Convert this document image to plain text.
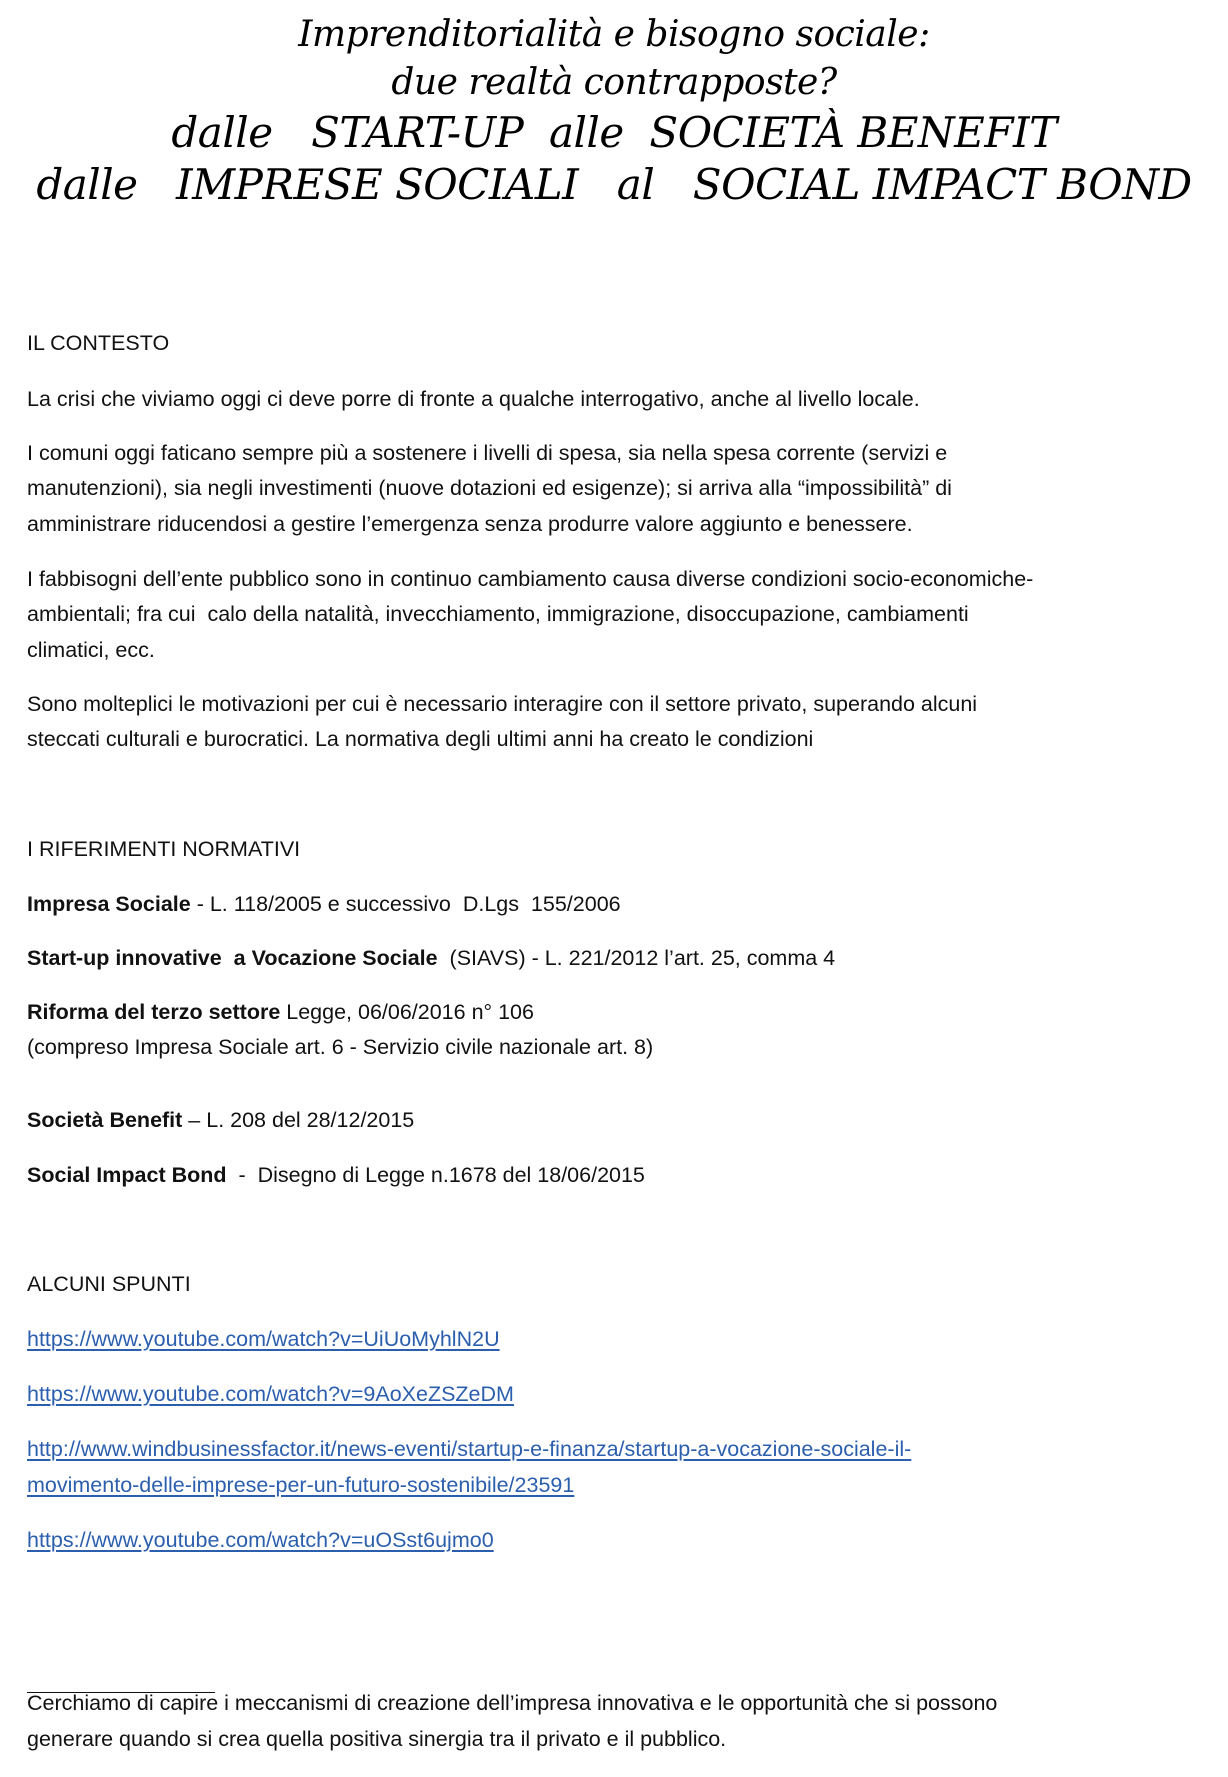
Imprenditorialità e bisogno sociale:
due realtà contrapposte?
dalle   START-UP  alle  SOCIETÀ BENEFIT
dalle   IMPRESE SOCIALI   al   SOCIAL IMPACT BOND
IL CONTESTO
La crisi che viviamo oggi ci deve porre di fronte a qualche interrogativo, anche al livello locale.
I comuni oggi faticano sempre più a sostenere i livelli di spesa, sia nella spesa corrente (servizi e
manutenzioni), sia negli investimenti (nuove dotazioni ed esigenze); si arriva alla “impossibilità” di
amministrare riducendosi a gestire l’emergenza senza produrre valore aggiunto e benessere.
I fabbisogni dell’ente pubblico sono in continuo cambiamento causa diverse condizioni socio-economiche-
ambientali; fra cui  calo della natalità, invecchiamento, immigrazione, disoccupazione, cambiamenti
climatici, ecc.
Sono molteplici le motivazioni per cui è necessario interagire con il settore privato, superando alcuni
steccati culturali e burocratici. La normativa degli ultimi anni ha creato le condizioni
I RIFERIMENTI NORMATIVI
Impresa Sociale - L. 118/2005 e successivo  D.Lgs  155/2006
Start-up innovative  a Vocazione Sociale  (SIAVS) - L. 221/2012 l’art. 25, comma 4
Riforma del terzo settore Legge, 06/06/2016 n° 106
(compreso Impresa Sociale art. 6 - Servizio civile nazionale art. 8)
Società Benefit – L. 208 del 28/12/2015
Social Impact Bond  -  Disegno di Legge n.1678 del 18/06/2015
ALCUNI SPUNTI
https://www.youtube.com/watch?v=UiUoMyhlN2U
https://www.youtube.com/watch?v=9AoXeZSZeDM
http://www.windbusinessfactor.it/news-eventi/startup-e-finanza/startup-a-vocazione-sociale-il-
movimento-delle-imprese-per-un-futuro-sostenibile/23591
https://www.youtube.com/watch?v=uOSst6ujmo0
Cerchiamo di capire i meccanismi di creazione dell’impresa innovativa e le opportunità che si possono
generare quando si crea quella positiva sinergia tra il privato e il pubblico.
